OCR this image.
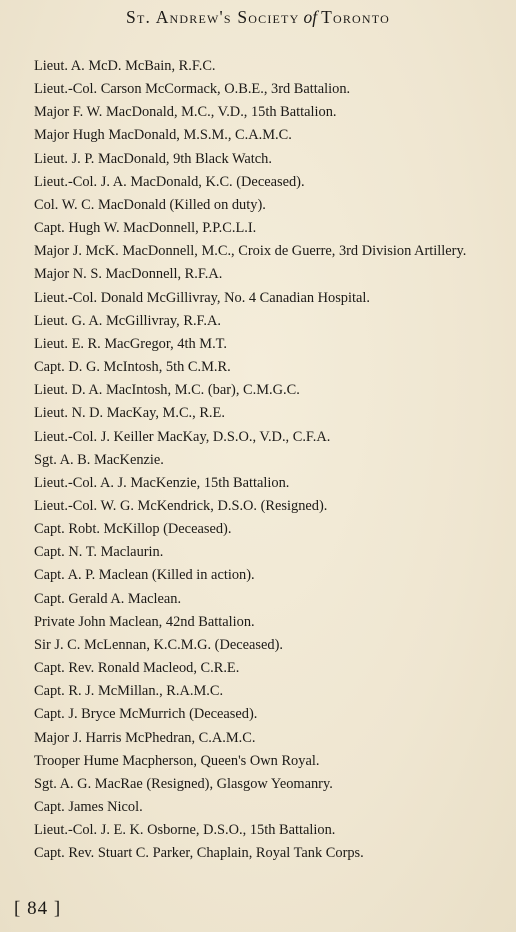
St. Andrew's Society of Toronto
Lieut. A. McD. McBain, R.F.C.
Lieut.-Col. Carson McCormack, O.B.E., 3rd Battalion.
Major F. W. MacDonald, M.C., V.D., 15th Battalion.
Major Hugh MacDonald, M.S.M., C.A.M.C.
Lieut. J. P. MacDonald, 9th Black Watch.
Lieut.-Col. J. A. MacDonald, K.C. (Deceased).
Col. W. C. MacDonald (Killed on duty).
Capt. Hugh W. MacDonnell, P.P.C.L.I.
Major J. McK. MacDonnell, M.C., Croix de Guerre, 3rd Division Artillery.
Major N. S. MacDonnell, R.F.A.
Lieut.-Col. Donald McGillivray, No. 4 Canadian Hospital.
Lieut. G. A. McGillivray, R.F.A.
Lieut. E. R. MacGregor, 4th M.T.
Capt. D. G. McIntosh, 5th C.M.R.
Lieut. D. A. MacIntosh, M.C. (bar), C.M.G.C.
Lieut. N. D. MacKay, M.C., R.E.
Lieut.-Col. J. Keiller MacKay, D.S.O., V.D., C.F.A.
Sgt. A. B. MacKenzie.
Lieut.-Col. A. J. MacKenzie, 15th Battalion.
Lieut.-Col. W. G. McKendrick, D.S.O. (Resigned).
Capt. Robt. McKillop (Deceased).
Capt. N. T. Maclaurin.
Capt. A. P. Maclean (Killed in action).
Capt. Gerald A. Maclean.
Private John Maclean, 42nd Battalion.
Sir J. C. McLennan, K.C.M.G. (Deceased).
Capt. Rev. Ronald Macleod, C.R.E.
Capt. R. J. McMillan., R.A.M.C.
Capt. J. Bryce McMurrich (Deceased).
Major J. Harris McPhedran, C.A.M.C.
Trooper Hume Macpherson, Queen's Own Royal.
Sgt. A. G. MacRae (Resigned), Glasgow Yeomanry.
Capt. James Nicol.
Lieut.-Col. J. E. K. Osborne, D.S.O., 15th Battalion.
Capt. Rev. Stuart C. Parker, Chaplain, Royal Tank Corps.
[ 84 ]
